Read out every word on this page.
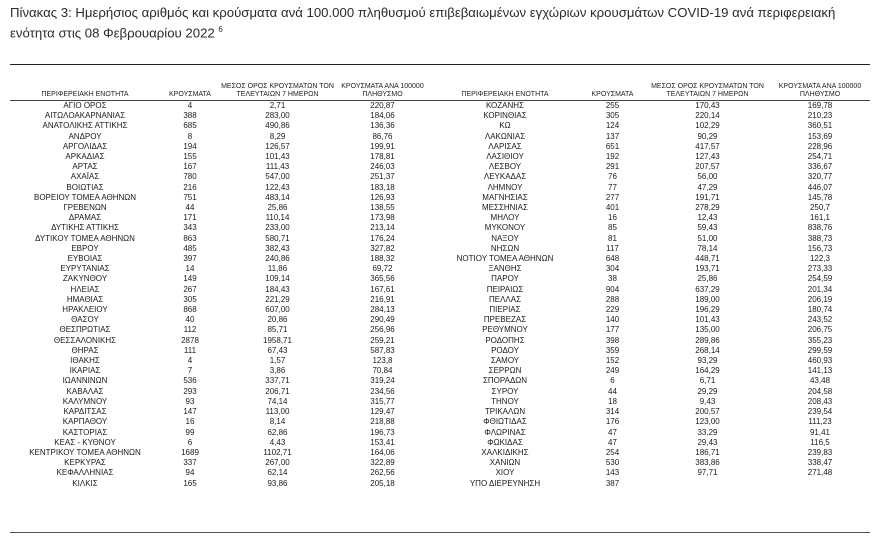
Πίνακας 3: Ημερήσιος αριθμός και κρούσματα ανά 100.000 πληθυσμού επιβεβαιωμένων εγχώριων κρουσμάτων COVID-19 ανά περιφερειακή ενότητα στις 08 Φεβρουαρίου 2022 $^6$
ΠΕΡΙΦΕΡΕΙΑΚΗ ΕΝΟΤΗΤΑ	ΚΡΟΥΣΜΑΤΑ	ΜΕΣΟΣ ΟΡΟΣ ΚΡΟΥΣΜΑΤΩΝ ΤΟΝ ΤΕΛΕΥΤΑΙΩΝ 7 ΗΜΕΡΩΝ	ΚΡΟΥΣΜΑΤΑ ΑΝΑ 100000 ΠΛΗΘΥΣΜΟ	ΠΕΡΙΦΕΡΕΙΑΚΗ ΕΝΟΤΗΤΑ	ΚΡΟΥΣΜΑΤΑ	ΜΕΣΟΣ ΟΡΟΣ ΚΡΟΥΣΜΑΤΩΝ ΤΟΝ ΤΕΛΕΥΤΑΙΩΝ 7 ΗΜΕΡΩΝ	ΚΡΟΥΣΜΑΤΑ ΑΝΑ 100000 ΠΛΗΘΥΣΜΟ
ΑΓΙΟ ΟΡΟΣ	4	2,71	220,87	ΚΟΖΑΝΗΣ	255	170,43	169,78
ΑΙΤΩΛΟΑΚΑΡΝΑΝΙΑΣ	388	283,00	184,06	ΚΟΡΙΝΘΙΑΣ	305	220,14	210,23
ΑΝΑΤΟΛΙΚΗΣ ΑΤΤΙΚΗΣ	685	490,86	136,36	ΚΩ	124	102,29	360,51
ΑΝΔΡΟΥ	8	8,29	86,76	ΛΑΚΩΝΙΑΣ	137	90,29	153,69
ΑΡΓΟΛΙΔΑΣ	194	126,57	199,91	ΛΑΡΙΣΑΣ	651	417,57	228,96
ΑΡΚΑΔΙΑΣ	155	101,43	178,81	ΛΑΣΙΘΙΟΥ	192	127,43	254,71
ΑΡΤΑΣ	167	111,43	246,03	ΛΕΣΒΟΥ	291	207,57	336,67
ΑΧΑΪΑΣ	780	547,00	251,37	ΛΕΥΚΑΔΑΣ	76	56,00	320,77
ΒΟΙΩΤΙΑΣ	216	122,43	183,18	ΛΗΜΝΟΥ	77	47,29	446,07
ΒΟΡΕΙΟΥ ΤΟΜΕΑ ΑΘΗΝΩΝ	751	483,14	126,93	ΜΑΓΝΗΣΙΑΣ	277	191,71	145,78
ΓΡΕΒΕΝΩΝ	44	25,86	138,55	ΜΕΣΣΗΝΙΑΣ	401	278,29	250,7
ΔΡΑΜΑΣ	171	110,14	173,98	ΜΗΛΟΥ	16	12,43	161,1
ΔΥΤΙΚΗΣ ΑΤΤΙΚΗΣ	343	233,00	213,14	ΜΥΚΟΝΟΥ	85	59,43	838,76
ΔΥΤΙΚΟΥ ΤΟΜΕΑ ΑΘΗΝΩΝ	863	580,71	176,24	ΝΑΞΟΥ	81	51,00	388,73
ΕΒΡΟΥ	485	382,43	327,82	ΝΗΣΩΝ	117	78,14	156,73
ΕΥΒΟΙΑΣ	397	240,86	188,32	ΝΟΤΙΟΥ ΤΟΜΕΑ ΑΘΗΝΩΝ	648	448,71	122,3
ΕΥΡΥΤΑΝΙΑΣ	14	11,86	69,72	ΞΑΝΘΗΣ	304	193,71	273,33
ΖΑΚΥΝΘΟΥ	149	109,14	365,56	ΠΑΡΟΥ	38	25,86	254,59
ΗΛΕΙΑΣ	267	184,43	167,61	ΠΕΙΡΑΙΩΣ	904	637,29	201,34
ΗΜΑΘΙΑΣ	305	221,29	216,91	ΠΕΛΛΑΣ	288	189,00	206,19
ΗΡΑΚΛΕΙΟΥ	868	607,00	284,13	ΠΙΕΡΙΑΣ	229	196,29	180,74
ΘΑΣΟΥ	40	20,86	290,49	ΠΡΕΒΕΖΑΣ	140	101,43	243,52
ΘΕΣΠΡΩΤΙΑΣ	112	85,71	256,96	ΡΕΘΥΜΝΟΥ	177	135,00	206,75
ΘΕΣΣΑΛΟΝΙΚΗΣ	2878	1958,71	259,21	ΡΟΔΟΠΗΣ	398	289,86	355,23
ΘΗΡΑΣ	111	67,43	587,83	ΡΟΔΟΥ	359	268,14	299,59
ΙΘΑΚΗΣ	4	1,57	123,8	ΣΑΜΟΥ	152	93,29	460,93
ΙΚΑΡΙΑΣ	7	3,86	70,84	ΣΕΡΡΩΝ	249	164,29	141,13
ΙΩΑΝΝΙΝΩΝ	536	337,71	319,24	ΣΠΟΡΑΔΩΝ	6	6,71	43,48
ΚΑΒΑΛΑΣ	293	206,71	234,56	ΣΥΡΟΥ	44	29,29	204,58
ΚΑΛΥΜΝΟΥ	93	74,14	315,77	ΤΗΝΟΥ	18	9,43	208,43
ΚΑΡΔΙΤΣΑΣ	147	113,00	129,47	ΤΡΙΚΑΛΩΝ	314	200,57	239,54
ΚΑΡΠΑΘΟΥ	16	8,14	218,88	ΦΘΙΩΤΙΔΑΣ	176	123,00	111,23
ΚΑΣΤΟΡΙΑΣ	99	62,86	196,73	ΦΛΩΡΙΝΑΣ	47	33,29	91,41
ΚΕΑΣ - ΚΥΘΝΟΥ	6	4,43	153,41	ΦΩΚΙΔΑΣ	47	29,43	116,5
ΚΕΝΤΡΙΚΟΥ ΤΟΜΕΑ ΑΘΗΝΩΝ	1689	1102,71	164,06	ΧΑΛΚΙΔΙΚΗΣ	254	186,71	239,83
ΚΕΡΚΥΡΑΣ	337	267,00	322,89	ΧΑΝΙΩΝ	530	383,86	338,47
ΚΕΦΑΛΛΗΝΙΑΣ	94	62,14	262,56	ΧΙΟΥ	143	97,71	271,48
ΚΙΛΚΙΣ	165	93,86	205,18	ΥΠΟ ΔΙΕΡΕΥΝΗΣΗ	387		
